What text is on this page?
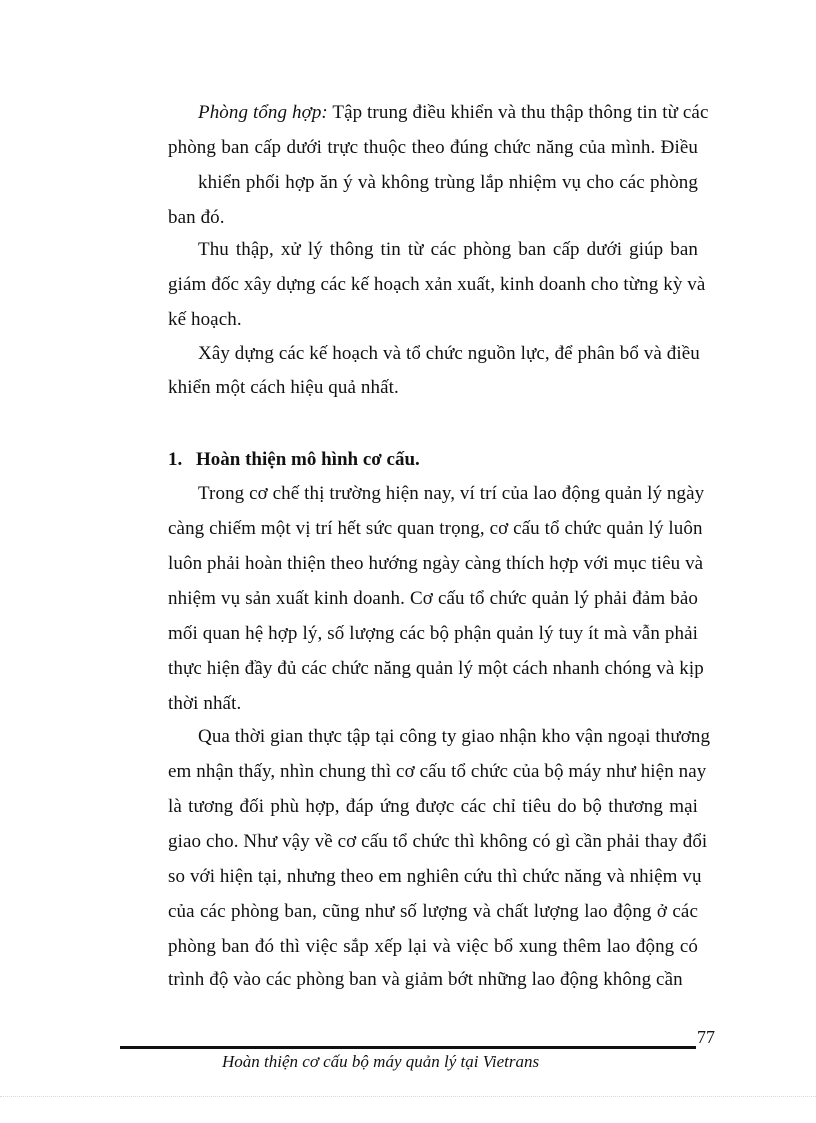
Phòng tổng hợp: Tập trung điều khiển và thu thập thông tin từ các
phòng ban cấp dưới trực thuộc theo đúng chức năng của mình. Điều
khiển phối hợp ăn ý và không trùng lắp nhiệm vụ cho các phòng
ban đó.
Thu thập, xử lý thông tin từ các phòng ban cấp dưới giúp ban
giám đốc xây dựng các kế hoạch xản xuất, kinh doanh cho từng kỳ và
kế hoạch.
Xây dựng các kế hoạch và tổ chức nguồn lực, để phân bổ và điều
khiển một cách hiệu quả nhất.
1. Hoàn thiện mô hình cơ cấu.
Trong cơ chế thị trường hiện nay, ví trí của lao động quản lý ngày
càng chiếm một vị trí hết sức quan trọng, cơ cấu tổ chức quản lý luôn
luôn phải hoàn thiện theo hướng ngày càng thích hợp với mục tiêu và
nhiệm vụ sản xuất kinh doanh. Cơ cấu tổ chức quản lý phải đảm bảo
mối quan hệ hợp lý, số lượng các bộ phận quản lý tuy ít mà vẫn phải
thực hiện đầy đủ các chức năng quản lý một cách nhanh chóng và kịp
thời nhất.
Qua thời gian thực tập tại công ty giao nhận kho vận ngoại thương
em nhận thấy, nhìn chung thì cơ cấu tổ chức của bộ máy như hiện nay
là tương đối phù hợp, đáp ứng được các chỉ tiêu do bộ thương mại
giao cho. Như vậy về cơ cấu tổ chức thì không có gì cần phải thay đổi
so với hiện tại, nhưng theo em nghiên cứu thì chức năng và nhiệm vụ
của các phòng ban, cũng như số lượng và chất lượng lao động ở các
phòng ban đó thì việc sắp xếp lại và việc bổ xung thêm lao động có
trình độ vào các phòng ban và giảm bớt những lao động không cần
77
Hoàn thiện cơ cấu bộ máy quản lý tại Vietrans
